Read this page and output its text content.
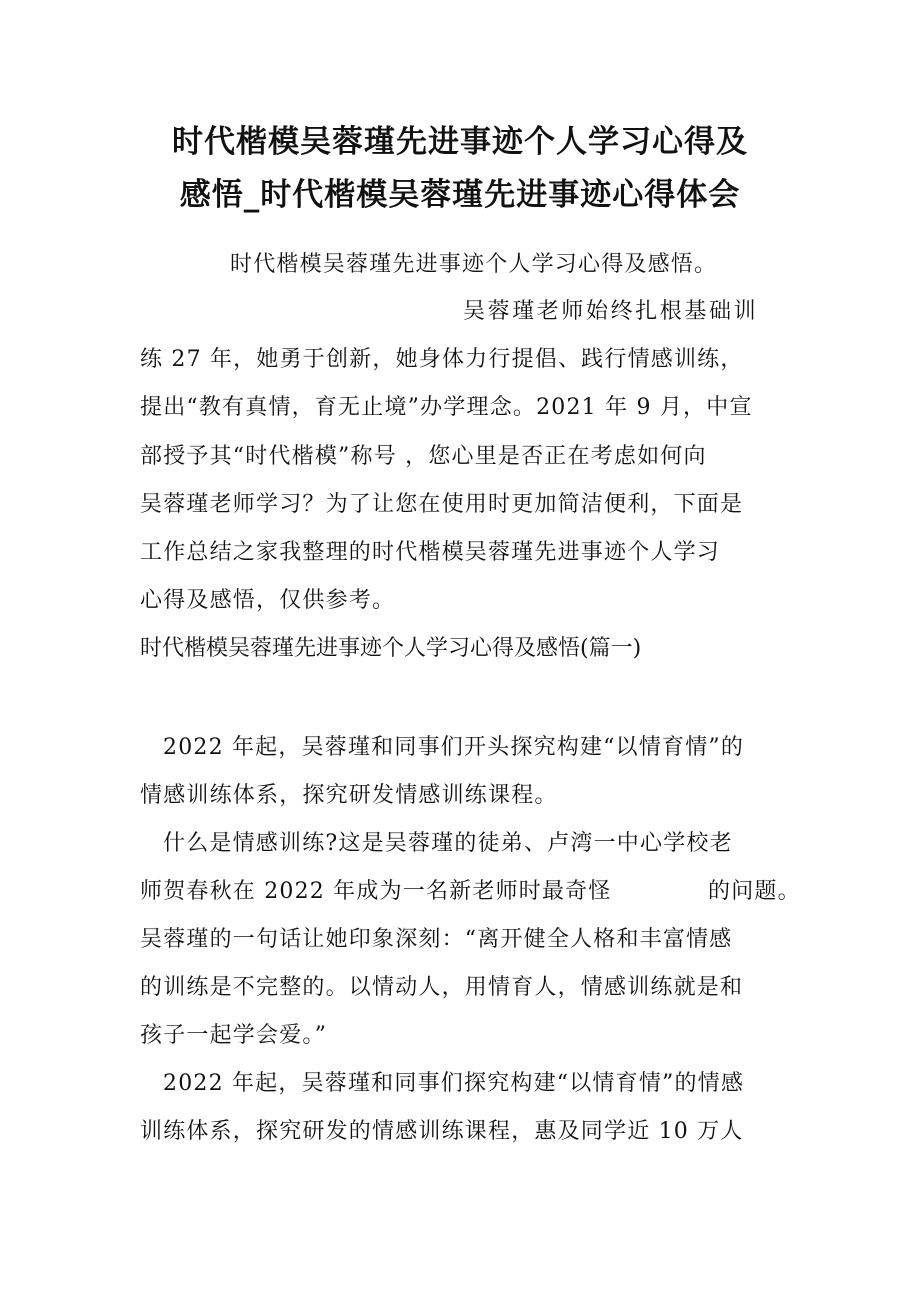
时代楷模吴蓉瑾先进事迹个人学习心得及
感悟_时代楷模吴蓉瑾先进事迹心得体会

时代楷模吴蓉瑾先进事迹个人学习心得及感悟。

吴蓉瑾老师始终扎根基础训

练 27 年，她勇于创新，她身体力行提倡、践行情感训练，

提出“教有真情，育无止境”办学理念。2021 年 9 月，中宣

部授予其“时代楷模”称号 ，您心里是否正在考虑如何向

吴蓉瑾老师学习？为了让您在使用时更加简洁便利，下面是

工作总结之家我整理的时代楷模吴蓉瑾先进事迹个人学习

心得及感悟，仅供参考。

时代楷模吴蓉瑾先进事迹个人学习心得及感悟(篇一)

2022 年起，吴蓉瑾和同事们开头探究构建“以情育情”的

情感训练体系，探究研发情感训练课程。

什么是情感训练?这是吴蓉瑾的徒弟、卢湾一中心学校老

师贺春秋在 2022 年成为一名新老师时最奇怪	的问题。

吴蓉瑾的一句话让她印象深刻：“离开健全人格和丰富情感

的训练是不完整的。以情动人，用情育人，情感训练就是和

孩子一起学会爱。”

2022 年起，吴蓉瑾和同事们探究构建“以情育情”的情感

训练体系，探究研发的情感训练课程，惠及同学近 10 万人
